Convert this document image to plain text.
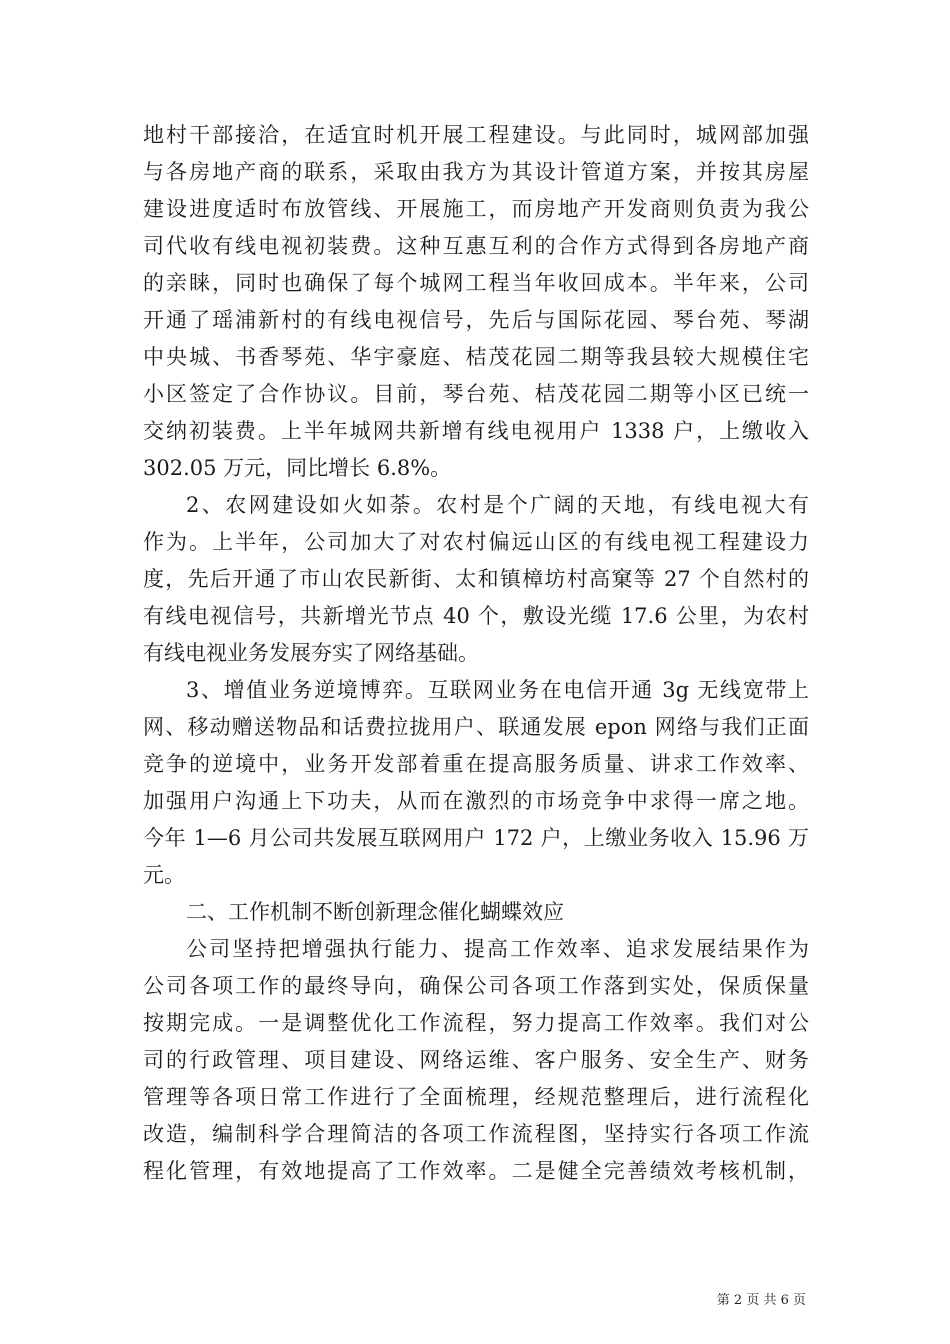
地村干部接洽，在适宜时机开展工程建设。与此同时，城网部加强
与各房地产商的联系，采取由我方为其设计管道方案，并按其房屋
建设进度适时布放管线、开展施工，而房地产开发商则负责为我公
司代收有线电视初装费。这种互惠互利的合作方式得到各房地产商
的亲睐，同时也确保了每个城网工程当年收回成本。半年来，公司
开通了瑶浦新村的有线电视信号，先后与国际花园、琴台苑、琴湖
中央城、书香琴苑、华宇豪庭、桔茂花园二期等我县较大规模住宅
小区签定了合作协议。目前，琴台苑、桔茂花园二期等小区已统一
交纳初装费。上半年城网共新增有线电视用户 1338 户，上缴收入
302.05 万元，同比增长 6.8%。
2、农网建设如火如荼。农村是个广阔的天地，有线电视大有
作为。上半年，公司加大了对农村偏远山区的有线电视工程建设力
度，先后开通了市山农民新街、太和镇樟坊村高窠等 27 个自然村的
有线电视信号，共新增光节点 40 个，敷设光缆 17.6 公里，为农村
有线电视业务发展夯实了网络基础。
3、增值业务逆境博弈。互联网业务在电信开通 3g 无线宽带上
网、移动赠送物品和话费拉拢用户、联通发展 epon 网络与我们正面
竞争的逆境中，业务开发部着重在提高服务质量、讲求工作效率、
加强用户沟通上下功夫，从而在激烈的市场竞争中求得一席之地。
今年 1—6 月公司共发展互联网用户 172 户，上缴业务收入 15.96 万
元。
二、工作机制不断创新理念催化蝴蝶效应
公司坚持把增强执行能力、提高工作效率、追求发展结果作为
公司各项工作的最终导向，确保公司各项工作落到实处，保质保量
按期完成。一是调整优化工作流程，努力提高工作效率。我们对公
司的行政管理、项目建设、网络运维、客户服务、安全生产、财务
管理等各项日常工作进行了全面梳理，经规范整理后，进行流程化
改造，编制科学合理简洁的各项工作流程图，坚持实行各项工作流
程化管理，有效地提高了工作效率。二是健全完善绩效考核机制，
第 2 页 共 6 页
